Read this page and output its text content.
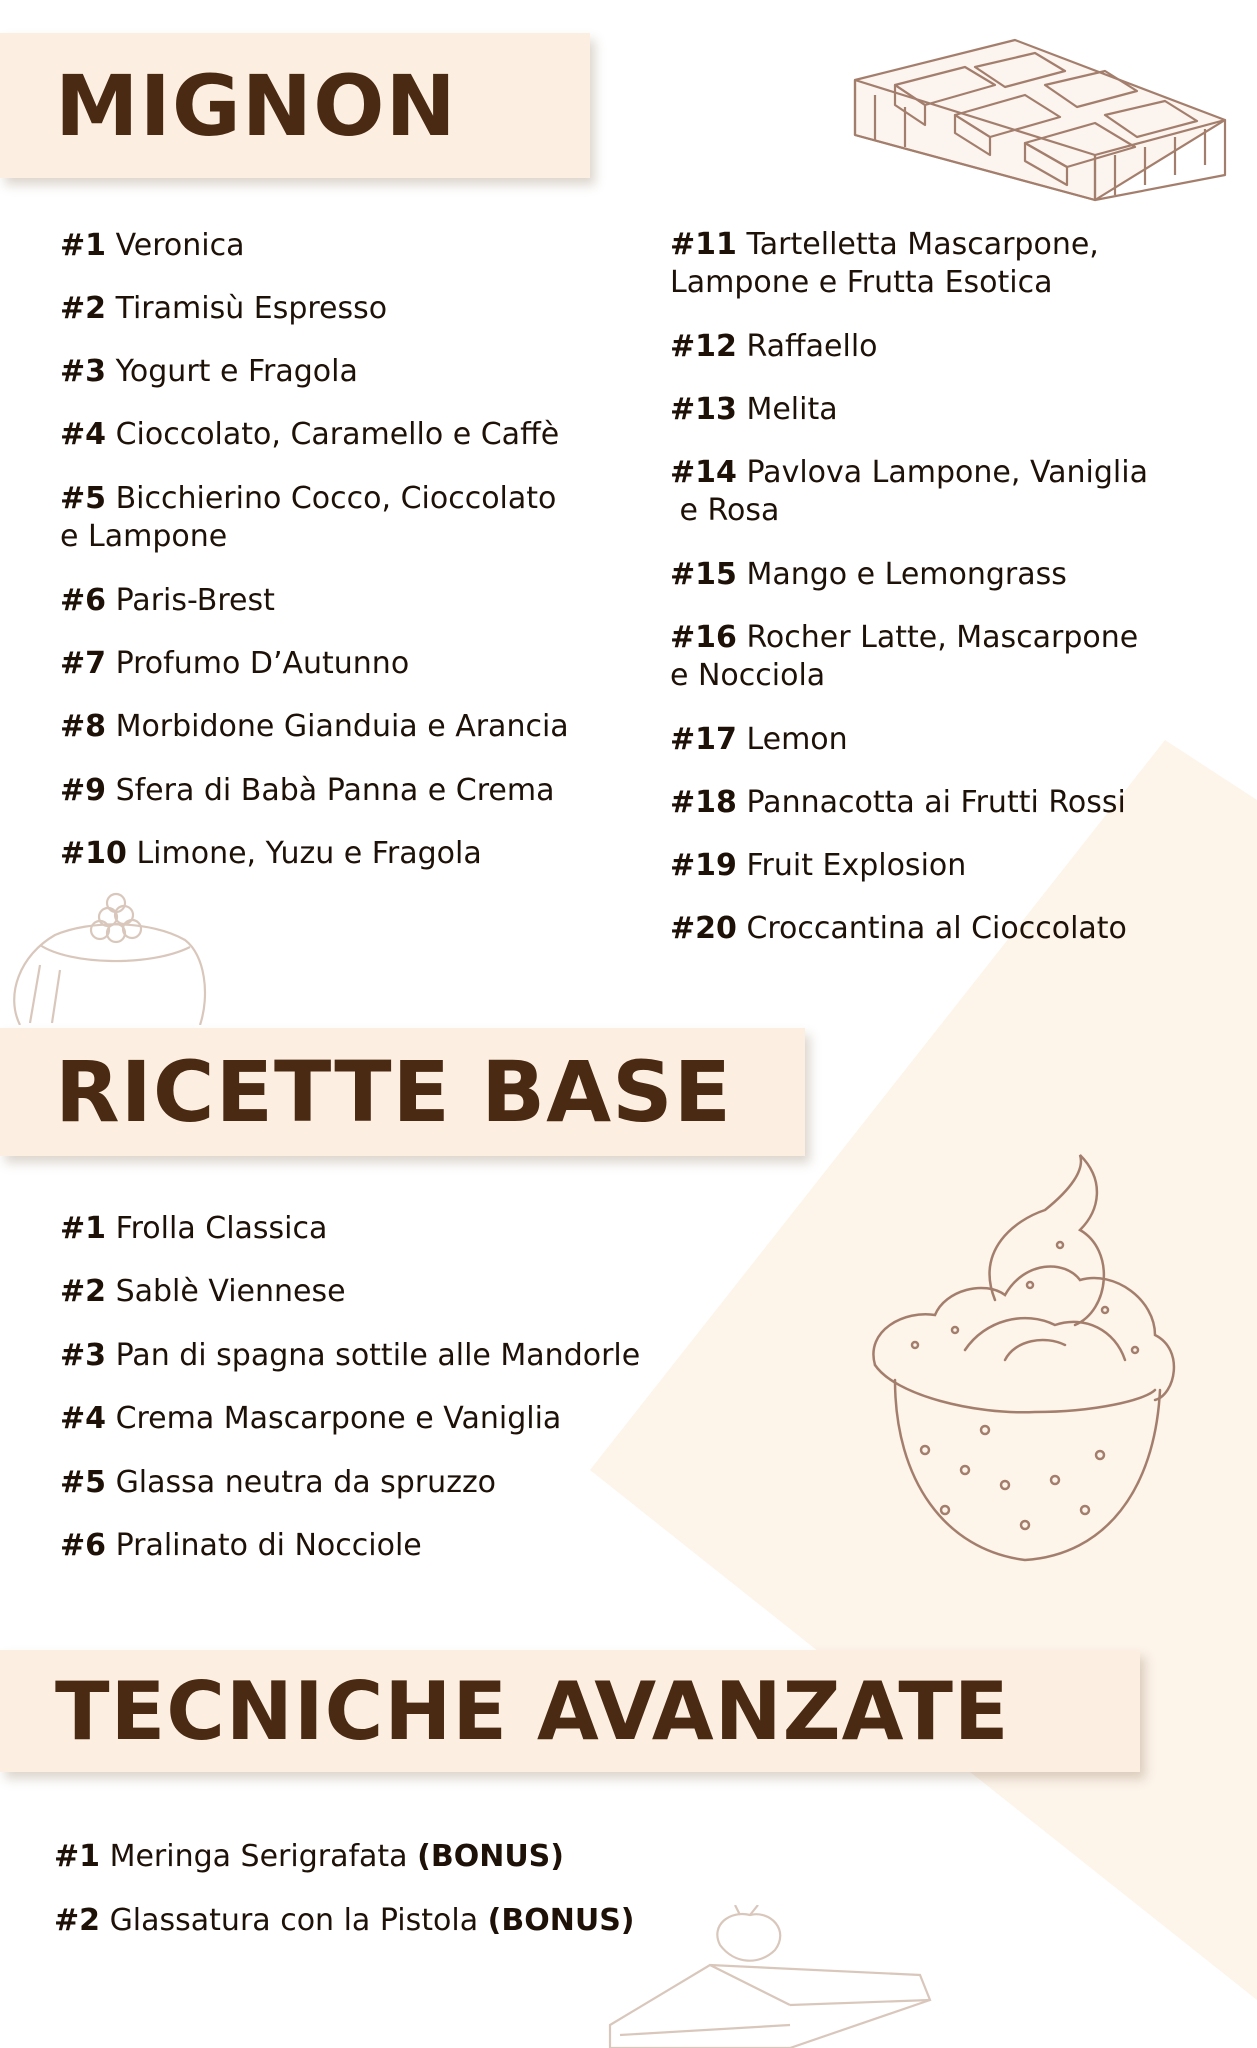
MIGNON
#1 Veronica
#2 Tiramisù Espresso
#3 Yogurt e Fragola
#4 Cioccolato, Caramello e Caffè
#5 Bicchierino Cocco, Cioccolato
e Lampone
#6 Paris-Brest
#7 Profumo D’Autunno
#8 Morbidone Gianduia e Arancia
#9 Sfera di Babà Panna e Crema
#10 Limone, Yuzu e Fragola
#11 Tartelletta Mascarpone,
Lampone e Frutta Esotica
#12 Raffaello
#13 Melita
#14 Pavlova Lampone, Vaniglia
e Rosa
#15 Mango e Lemongrass
#16 Rocher Latte, Mascarpone
e Nocciola
#17 Lemon
#18 Pannacotta ai Frutti Rossi
#19 Fruit Explosion
#20 Croccantina al Cioccolato
RICETTE BASE
#1 Frolla Classica
#2 Sablè Viennese
#3 Pan di spagna sottile alle Mandorle
#4 Crema Mascarpone e Vaniglia
#5 Glassa neutra da spruzzo
#6 Pralinato di Nocciole
TECNICHE AVANZATE
#1 Meringa Serigrafata (BONUS)
#2 Glassatura con la Pistola (BONUS)
